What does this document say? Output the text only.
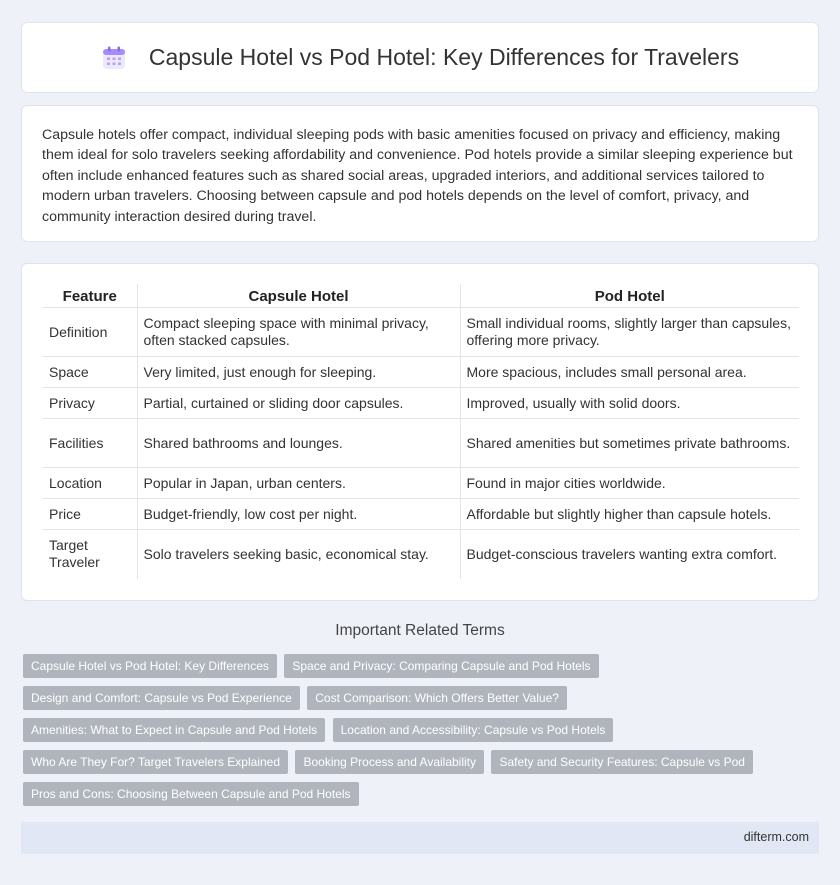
Capsule Hotel vs Pod Hotel: Key Differences for Travelers

Capsule hotels offer compact, individual sleeping pods with basic amenities focused on privacy and efficiency, making them ideal for solo travelers seeking affordability and convenience. Pod hotels provide a similar sleeping experience but often include enhanced features such as shared social areas, upgraded interiors, and additional services tailored to modern urban travelers. Choosing between capsule and pod hotels depends on the level of comfort, privacy, and community interaction desired during travel.

Feature	Capsule Hotel	Pod Hotel
Definition	Compact sleeping space with minimal privacy, often stacked capsules.	Small individual rooms, slightly larger than capsules, offering more privacy.
Space	Very limited, just enough for sleeping.	More spacious, includes small personal area.
Privacy	Partial, curtained or sliding door capsules.	Improved, usually with solid doors.
Facilities	Shared bathrooms and lounges.	Shared amenities but sometimes private bathrooms.
Location	Popular in Japan, urban centers.	Found in major cities worldwide.
Price	Budget-friendly, low cost per night.	Affordable but slightly higher than capsule hotels.
Target Traveler	Solo travelers seeking basic, economical stay.	Budget-conscious travelers wanting extra comfort.
Important Related Terms
Capsule Hotel vs Pod Hotel: Key Differences Space and Privacy: Comparing Capsule and Pod Hotels
Design and Comfort: Capsule vs Pod Experience Cost Comparison: Which Offers Better Value?
Amenities: What to Expect in Capsule and Pod Hotels Location and Accessibility: Capsule vs Pod Hotels
Who Are They For? Target Travelers Explained Booking Process and Availability Safety and Security Features: Capsule vs Pod
Pros and Cons: Choosing Between Capsule and Pod Hotels
difterm.com
